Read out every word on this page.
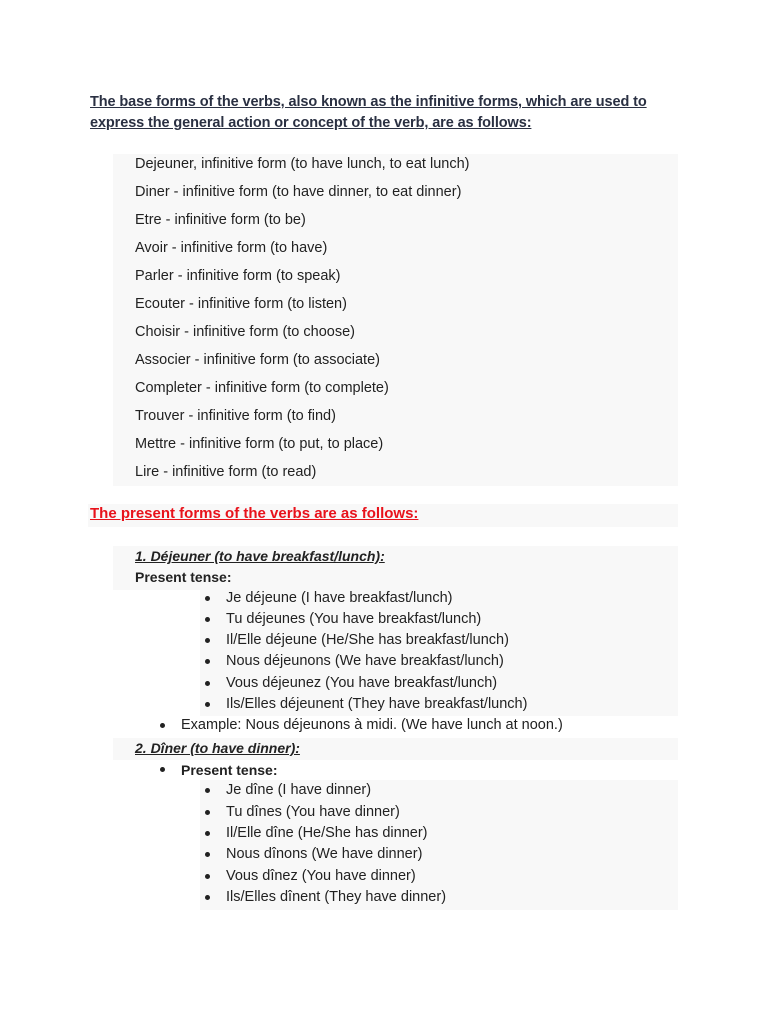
The base forms of the verbs, also known as the infinitive forms, which are used to express the general action or concept of the verb, are as follows:
Dejeuner, infinitive form (to have lunch, to eat lunch)
Diner - infinitive form (to have dinner, to eat dinner)
Etre - infinitive form (to be)
Avoir - infinitive form (to have)
Parler - infinitive form (to speak)
Ecouter - infinitive form (to listen)
Choisir - infinitive form (to choose)
Associer - infinitive form (to associate)
Completer - infinitive form (to complete)
Trouver - infinitive form (to find)
Mettre - infinitive form (to put, to place)
Lire - infinitive form (to read)
The present forms of the verbs are as follows:
1. Déjeuner (to have breakfast/lunch):
Present tense:
Je déjeune (I have breakfast/lunch)
Tu déjeunes (You have breakfast/lunch)
Il/Elle déjeune (He/She has breakfast/lunch)
Nous déjeunons (We have breakfast/lunch)
Vous déjeunez (You have breakfast/lunch)
Ils/Elles déjeunent (They have breakfast/lunch)
Example: Nous déjeunons à midi. (We have lunch at noon.)
2. Dîner (to have dinner):
Present tense:
Je dîne (I have dinner)
Tu dînes (You have dinner)
Il/Elle dîne (He/She has dinner)
Nous dînons (We have dinner)
Vous dînez (You have dinner)
Ils/Elles dînent (They have dinner)
